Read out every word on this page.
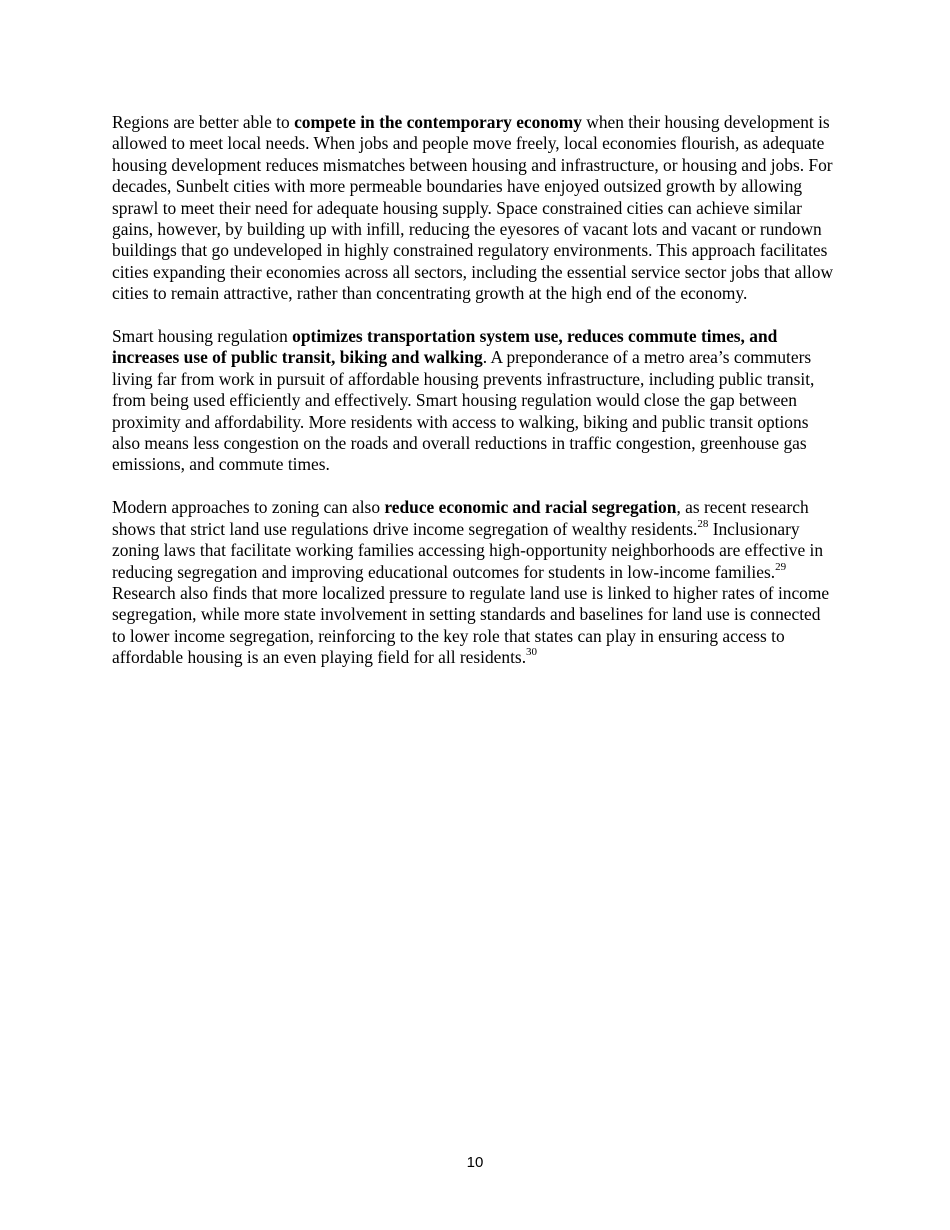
Regions are better able to compete in the contemporary economy when their housing development is allowed to meet local needs. When jobs and people move freely, local economies flourish, as adequate housing development reduces mismatches between housing and infrastructure, or housing and jobs. For decades, Sunbelt cities with more permeable boundaries have enjoyed outsized growth by allowing sprawl to meet their need for adequate housing supply. Space constrained cities can achieve similar gains, however, by building up with infill, reducing the eyesores of vacant lots and vacant or rundown buildings that go undeveloped in highly constrained regulatory environments. This approach facilitates cities expanding their economies across all sectors, including the essential service sector jobs that allow cities to remain attractive, rather than concentrating growth at the high end of the economy.

Smart housing regulation optimizes transportation system use, reduces commute times, and increases use of public transit, biking and walking. A preponderance of a metro area’s commuters living far from work in pursuit of affordable housing prevents infrastructure, including public transit, from being used efficiently and effectively. Smart housing regulation would close the gap between proximity and affordability. More residents with access to walking, biking and public transit options also means less congestion on the roads and overall reductions in traffic congestion, greenhouse gas emissions, and commute times.

Modern approaches to zoning can also reduce economic and racial segregation, as recent research shows that strict land use regulations drive income segregation of wealthy residents.$^{28}$ Inclusionary zoning laws that facilitate working families accessing high-opportunity neighborhoods are effective in reducing segregation and improving educational outcomes for students in low-income families.$^{29}$ Research also finds that more localized pressure to regulate land use is linked to higher rates of income segregation, while more state involvement in setting standards and baselines for land use is connected to lower income segregation, reinforcing to the key role that states can play in ensuring access to affordable housing is an even playing field for all residents.$^{30}$

10
